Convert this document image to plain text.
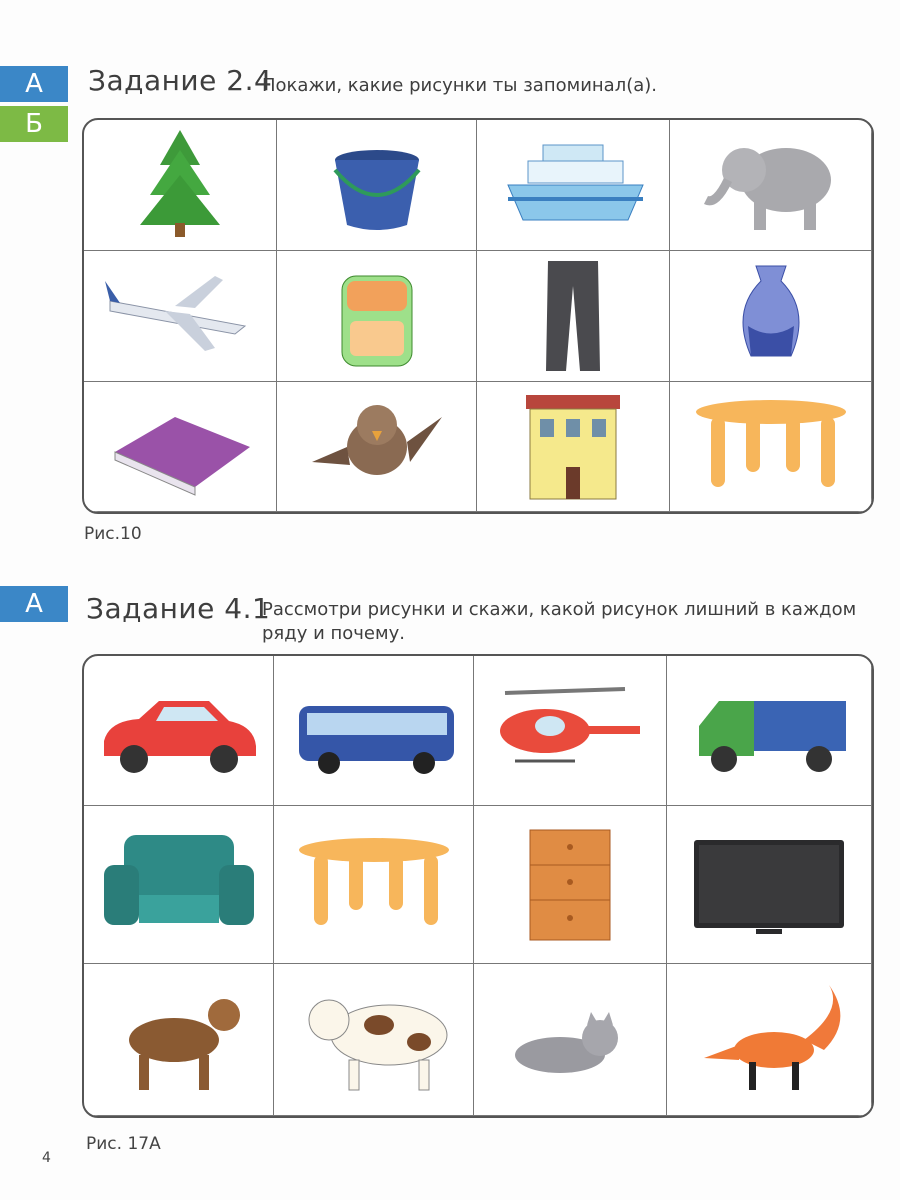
А
Б
Задание 2.4
Покажи, какие рисунки ты запоминал(а).
Рис.10
А	Задание 4.1
Рассмотри рисунки и скажи, какой рисунок лишний в каждом
ряду и почему.
Рис. 17А
4
